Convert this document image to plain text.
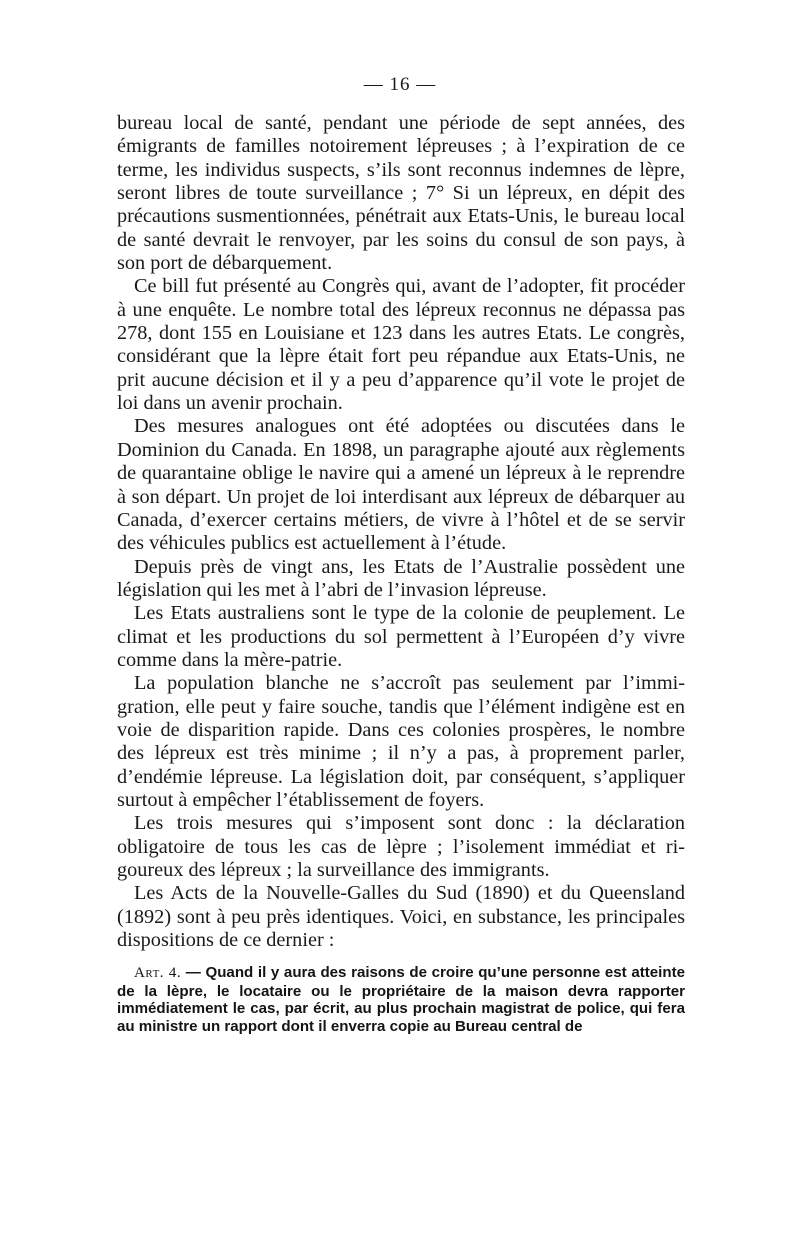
— 16 —

bureau local de santé, pendant une période de sept années, des émigrants de familles notoirement lépreuses ; à l’expiration de ce terme, les individus suspects, s’ils sont reconnus indemnes de lèpre, seront libres de toute surveillance ; 7° Si un lépreux, en dépit des précautions susmentionnées, pénétrait aux Etats-Unis, le bureau local de santé devrait le renvoyer, par les soins du consul de son pays, à son port de débarquement.

Ce bill fut présenté au Congrès qui, avant de l’adopter, fit procéder à une enquête. Le nombre total des lépreux reconnus ne dépassa pas 278, dont 155 en Louisiane et 123 dans les autres Etats. Le congrès, considérant que la lèpre était fort peu répandue aux Etats-Unis, ne prit aucune décision et il y a peu d’apparence qu’il vote le projet de loi dans un avenir prochain.

Des mesures analogues ont été adoptées ou discutées dans le Dominion du Canada. En 1898, un paragraphe ajouté aux règlements de quarantaine oblige le navire qui a amené un lépreux à le reprendre à son départ. Un projet de loi interdisant aux lépreux de débarquer au Canada, d’exercer certains métiers, de vivre à l’hôtel et de se servir des véhicules publics est actuellement à l’étude.

Depuis près de vingt ans, les Etats de l’Australie possèdent une législation qui les met à l’abri de l’invasion lépreuse.

Les Etats australiens sont le type de la colonie de peuplement. Le climat et les productions du sol permettent à l’Européen d’y vivre comme dans la mère-patrie.

La population blanche ne s’accroît pas seulement par l’immigration, elle peut y faire souche, tandis que l’élément indigène est en voie de disparition rapide. Dans ces colonies prospères, le nombre des lépreux est très minime ; il n’y a pas, à proprement parler, d’endémie lépreuse. La législation doit, par conséquent, s’appliquer surtout à empêcher l’établissement de foyers.

Les trois mesures qui s’imposent sont donc : la déclaration obligatoire de tous les cas de lèpre ; l’isolement immédiat et rigoureux des lépreux ; la surveillance des immigrants.

Les Acts de la Nouvelle-Galles du Sud (1890) et du Queensland (1892) sont à peu près identiques. Voici, en substance, les principales dispositions de ce dernier :

Art. 4. — Quand il y aura des raisons de croire qu’une personne est atteinte de la lèpre, le locataire ou le propriétaire de la maison devra rapporter immédiatement le cas, par écrit, au plus prochain magistrat de police, qui fera au ministre un rapport dont il enverra copie au Bureau central de
